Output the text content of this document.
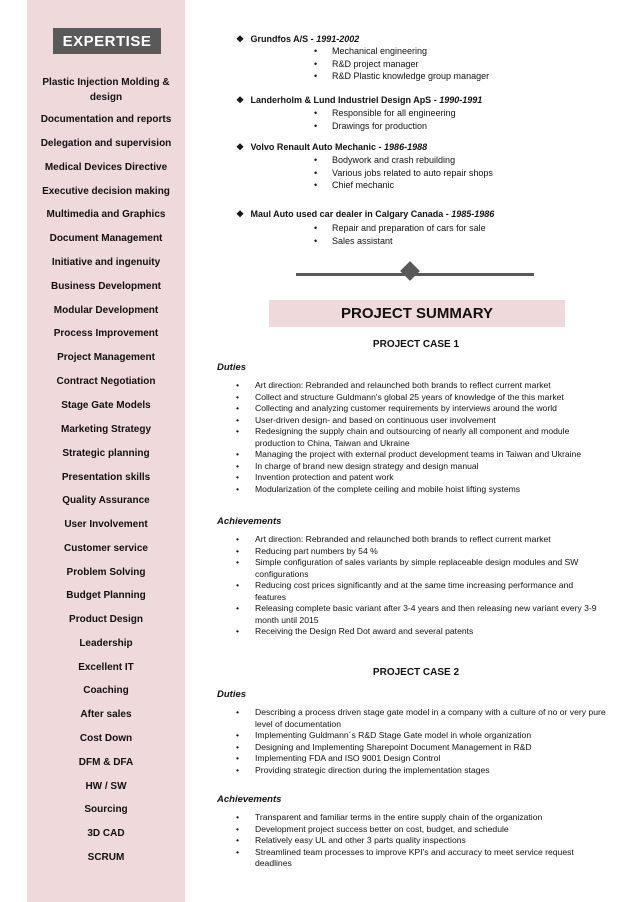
EXPERTISE
Plastic Injection Molding & design
Documentation and reports
Delegation and supervision
Medical Devices Directive
Executive decision making
Multimedia and Graphics
Document Management
Initiative and ingenuity
Business Development
Modular Development
Process Improvement
Project Management
Contract Negotiation
Stage Gate Models
Marketing Strategy
Strategic planning
Presentation skills
Quality Assurance
User Involvement
Customer service
Problem Solving
Budget Planning
Product Design
Leadership
Excellent IT
Coaching
After sales
Cost Down
DFM & DFA
HW / SW
Sourcing
3D CAD
SCRUM
❖ Grundfos A/S - 1991-2002
• Mechanical engineering
• R&D project manager
• R&D Plastic knowledge group manager
❖ Landerholm & Lund Industriel Design ApS - 1990-1991
• Responsible for all engineering
• Drawings for production
❖ Volvo Renault Auto Mechanic - 1986-1988
• Bodywork and crash rebuilding
• Various jobs related to auto repair shops
• Chief mechanic
❖ Maul Auto used car dealer in Calgary Canada - 1985-1986
• Repair and preparation of cars for sale
• Sales assistant
PROJECT SUMMARY
PROJECT CASE 1
Duties
• Art direction: Rebranded and relaunched both brands to reflect current market
• Collect and structure Guldmann's global 25 years of knowledge of the this market
• Collecting and analyzing customer requirements by interviews around the world
• User-driven design- and based on continuous user involvement
• Redesigning the supply chain and outsourcing of nearly all component and module production to China, Taiwan and Ukraine
• Managing the project with external product development teams in Taiwan and Ukraine
• In charge of brand new design strategy and design manual
• Invention protection and patent work
• Modularization of the complete ceiling and mobile hoist lifting systems
Achievements
• Art direction: Rebranded and relaunched both brands to reflect current market
• Reducing part numbers by 54 %
• Simple configuration of sales variants by simple replaceable design modules and SW configurations
• Reducing cost prices significantly and at the same time increasing performance and features
• Releasing complete basic variant after 3-4 years and then releasing new variant every 3-9 month until 2015
• Receiving the Design Red Dot award and several patents
PROJECT CASE 2
Duties
• Describing a process driven stage gate model in a company with a culture of no or very pure level of documentation
• Implementing Guldmann´s R&D Stage Gate model in whole organization
• Designing and Implementing Sharepoint Document Management in R&D
• Implementing FDA and ISO 9001 Design Control
• Providing strategic direction during the implementation stages
Achievements
• Transparent and familiar terms in the entire supply chain of the organization
• Development project success better on cost, budget, and schedule
• Relatively easy UL and other 3 parts quality inspections
• Streamlined team processes to improve KPI's and accuracy to meet service request deadlines
